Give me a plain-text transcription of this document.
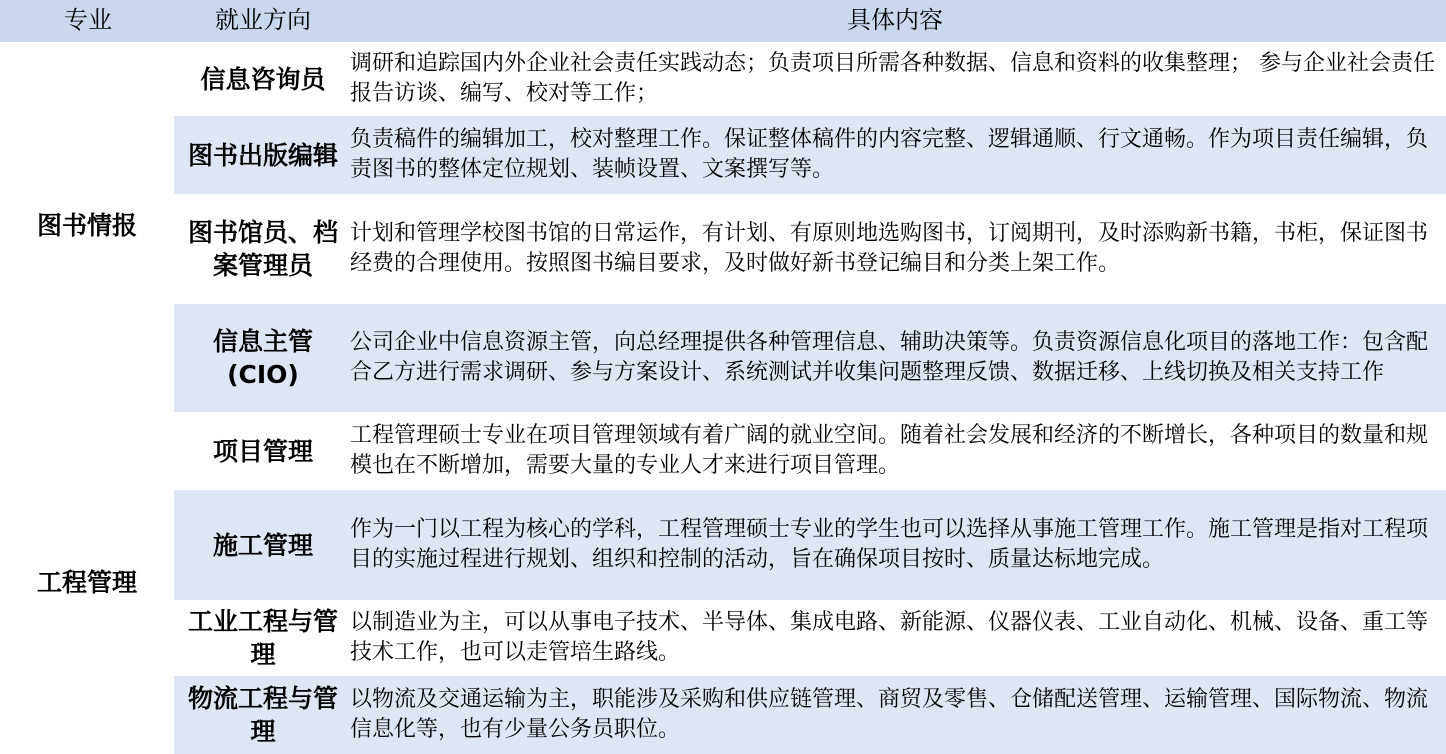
专业	就业方向	具体内容
图书情报
工程管理
信息咨询员
调研和追踪国内外企业社会责任实践动态；负责项目所需各种数据、信息和资料的收集整理； 参与企业社会责任报告访谈、编写、校对等工作；
图书出版编辑
负责稿件的编辑加工，校对整理工作。保证整体稿件的内容完整、逻辑通顺、行文通畅。作为项目责任编辑，负责图书的整体定位规划、装帧设置、文案撰写等。
图书馆员、档案管理员
计划和管理学校图书馆的日常运作，有计划、有原则地选购图书，订阅期刊，及时添购新书籍，书柜，保证图书经费的合理使用。按照图书编目要求，及时做好新书登记编目和分类上架工作。
信息主管(CIO)
公司企业中信息资源主管，向总经理提供各种管理信息、辅助决策等。负责资源信息化项目的落地工作：包含配合乙方进行需求调研、参与方案设计、系统测试并收集问题整理反馈、数据迁移、上线切换及相关支持工作
项目管理
工程管理硕士专业在项目管理领域有着广阔的就业空间。随着社会发展和经济的不断增长，各种项目的数量和规模也在不断增加，需要大量的专业人才来进行项目管理。
施工管理
作为一门以工程为核心的学科，工程管理硕士专业的学生也可以选择从事施工管理工作。施工管理是指对工程项目的实施过程进行规划、组织和控制的活动，旨在确保项目按时、质量达标地完成。
工业工程与管理
以制造业为主，可以从事电子技术、半导体、集成电路、新能源、仪器仪表、工业自动化、机械、设备、重工等技术工作，也可以走管培生路线。
物流工程与管理
以物流及交通运输为主，职能涉及采购和供应链管理、商贸及零售、仓储配送管理、运输管理、国际物流、物流信息化等，也有少量公务员职位。
